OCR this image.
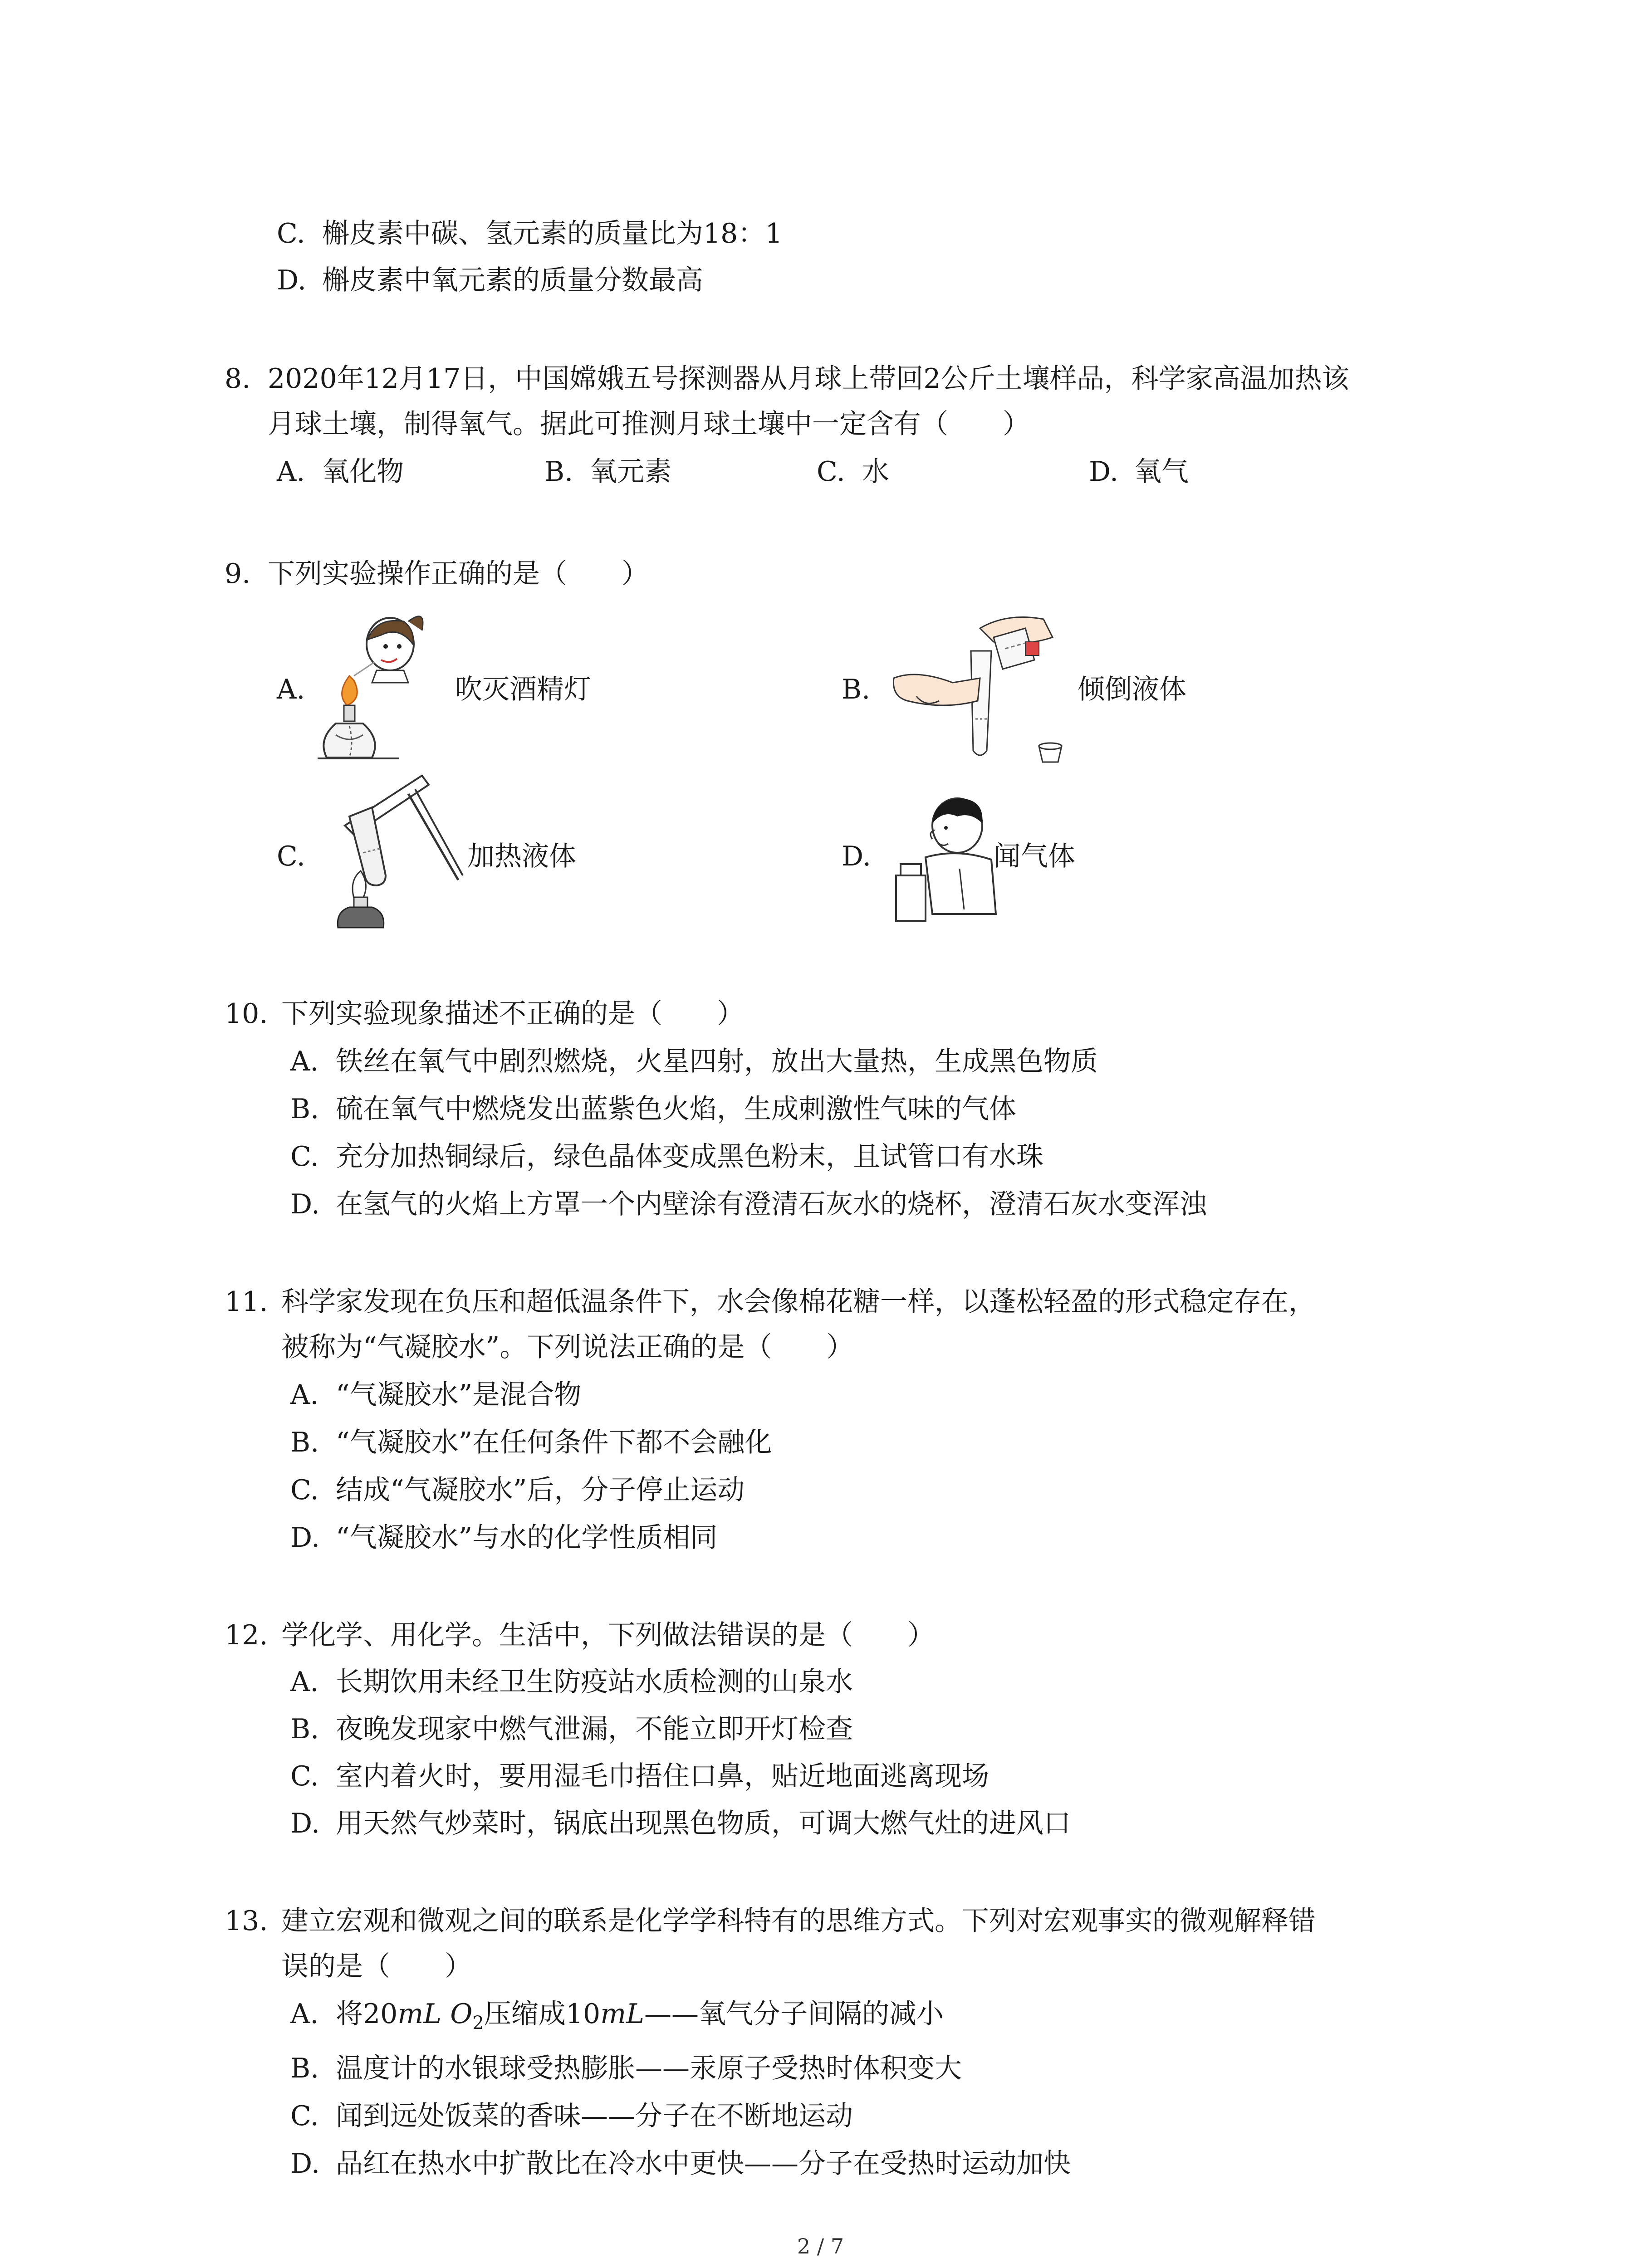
C. 槲皮素中碳、氢元素的质量比为18：1
D. 槲皮素中氧元素的质量分数最高
8. 2020年12月17日，中国嫦娥五号探测器从月球上带回2公斤土壤样品，科学家高温加热该
月球土壤，制得氧气。据此可推测月球土壤中一定含有（　　）
A. 氧化物	B. 氧元素	C. 水	D. 氧气
9. 下列实验操作正确的是（　　）
A.	吹灭酒精灯	B.	倾倒液体
C.	加热液体	D.	闻气体
10. 下列实验现象描述不正确的是（　　）
A. 铁丝在氧气中剧烈燃烧，火星四射，放出大量热，生成黑色物质
B. 硫在氧气中燃烧发出蓝紫色火焰，生成刺激性气味的气体
C. 充分加热铜绿后，绿色晶体变成黑色粉末，且试管口有水珠
D. 在氢气的火焰上方罩一个内壁涂有澄清石灰水的烧杯，澄清石灰水变浑浊
11. 科学家发现在负压和超低温条件下，水会像棉花糖一样，以蓬松轻盈的形式稳定存在，
被称为“气凝胶水”。下列说法正确的是（　　）
A. “气凝胶水”是混合物
B. “气凝胶水”在任何条件下都不会融化
C. 结成“气凝胶水”后，分子停止运动
D. “气凝胶水”与水的化学性质相同
12. 学化学、用化学。生活中，下列做法错误的是（　　）
A. 长期饮用未经卫生防疫站水质检测的山泉水
B. 夜晚发现家中燃气泄漏，不能立即开灯检查
C. 室内着火时，要用湿毛巾捂住口鼻，贴近地面逃离现场
D. 用天然气炒菜时，锅底出现黑色物质，可调大燃气灶的进风口
13. 建立宏观和微观之间的联系是化学学科特有的思维方式。下列对宏观事实的微观解释错
误的是（　　）
A. 将20mL $O_2$压缩成10mL——氧气分子间隔的减小
B. 温度计的水银球受热膨胀——汞原子受热时体积变大
C. 闻到远处饭菜的香味——分子在不断地运动
D. 品红在热水中扩散比在冷水中更快——分子在受热时运动加快
2 / 7
